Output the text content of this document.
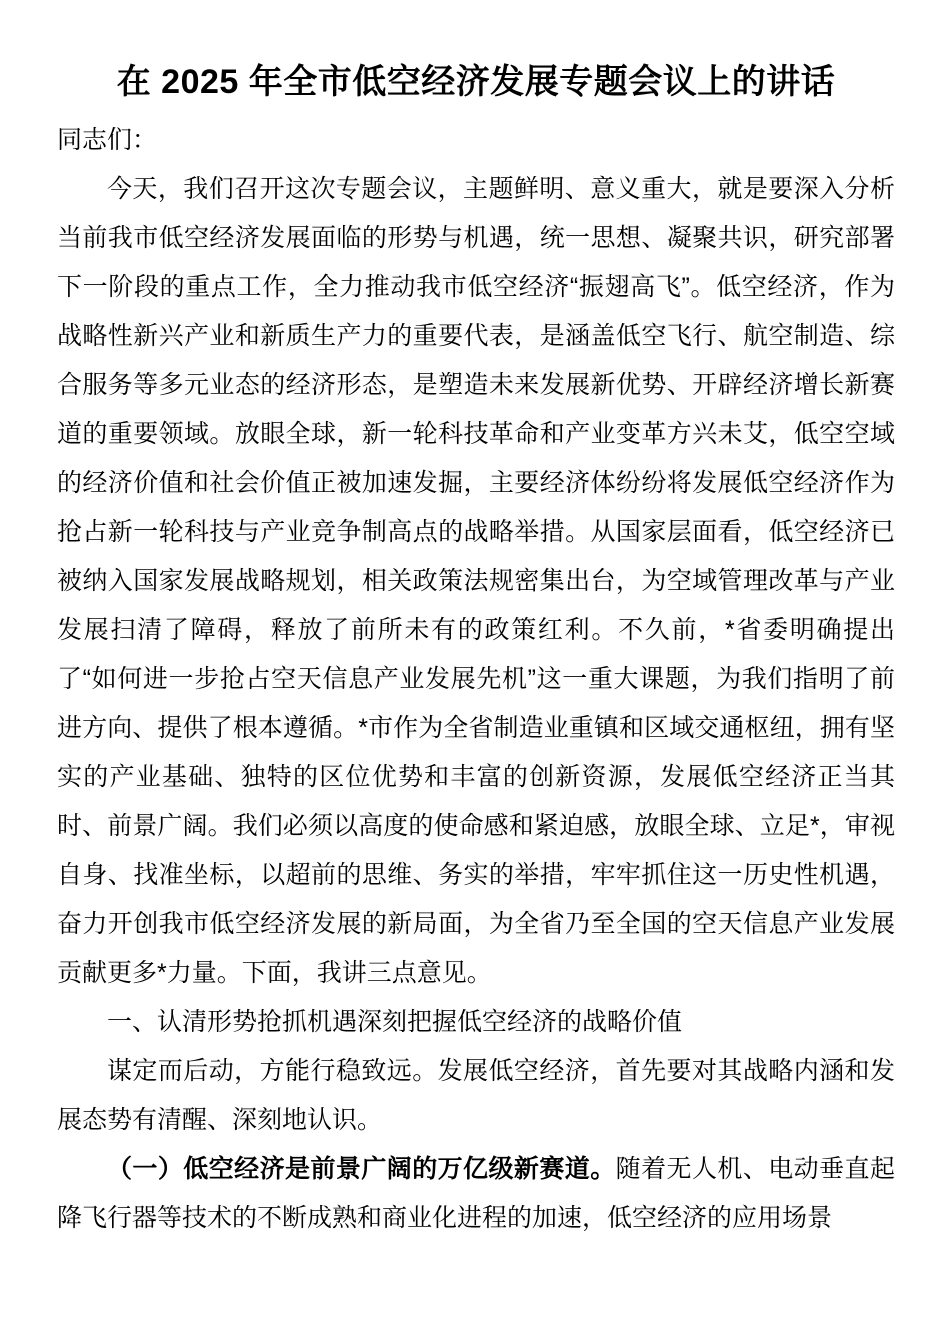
在 2025 年全市低空经济发展专题会议上的讲话

同志们：

今天，我们召开这次专题会议，主题鲜明、意义重大，就是要深入分析当前我市低空经济发展面临的形势与机遇，统一思想、凝聚共识，研究部署下一阶段的重点工作，全力推动我市低空经济“振翅高飞”。低空经济，作为战略性新兴产业和新质生产力的重要代表，是涵盖低空飞行、航空制造、综合服务等多元业态的经济形态，是塑造未来发展新优势、开辟经济增长新赛道的重要领域。放眼全球，新一轮科技革命和产业变革方兴未艾，低空空域的经济价值和社会价值正被加速发掘，主要经济体纷纷将发展低空经济作为抢占新一轮科技与产业竞争制高点的战略举措。从国家层面看，低空经济已被纳入国家发展战略规划，相关政策法规密集出台，为空域管理改革与产业发展扫清了障碍，释放了前所未有的政策红利。不久前，*省委明确提出了“如何进一步抢占空天信息产业发展先机”这一重大课题，为我们指明了前进方向、提供了根本遵循。*市作为全省制造业重镇和区域交通枢纽，拥有坚实的产业基础、独特的区位优势和丰富的创新资源，发展低空经济正当其时、前景广阔。我们必须以高度的使命感和紧迫感，放眼全球、立足*，审视自身、找准坐标，以超前的思维、务实的举措，牢牢抓住这一历史性机遇，奋力开创我市低空经济发展的新局面，为全省乃至全国的空天信息产业发展贡献更多*力量。下面，我讲三点意见。

一、认清形势抢抓机遇深刻把握低空经济的战略价值

谋定而后动，方能行稳致远。发展低空经济，首先要对其战略内涵和发展态势有清醒、深刻地认识。

（一）低空经济是前景广阔的万亿级新赛道。随着无人机、电动垂直起降飞行器等技术的不断成熟和商业化进程的加速，低空经济的应用场景
